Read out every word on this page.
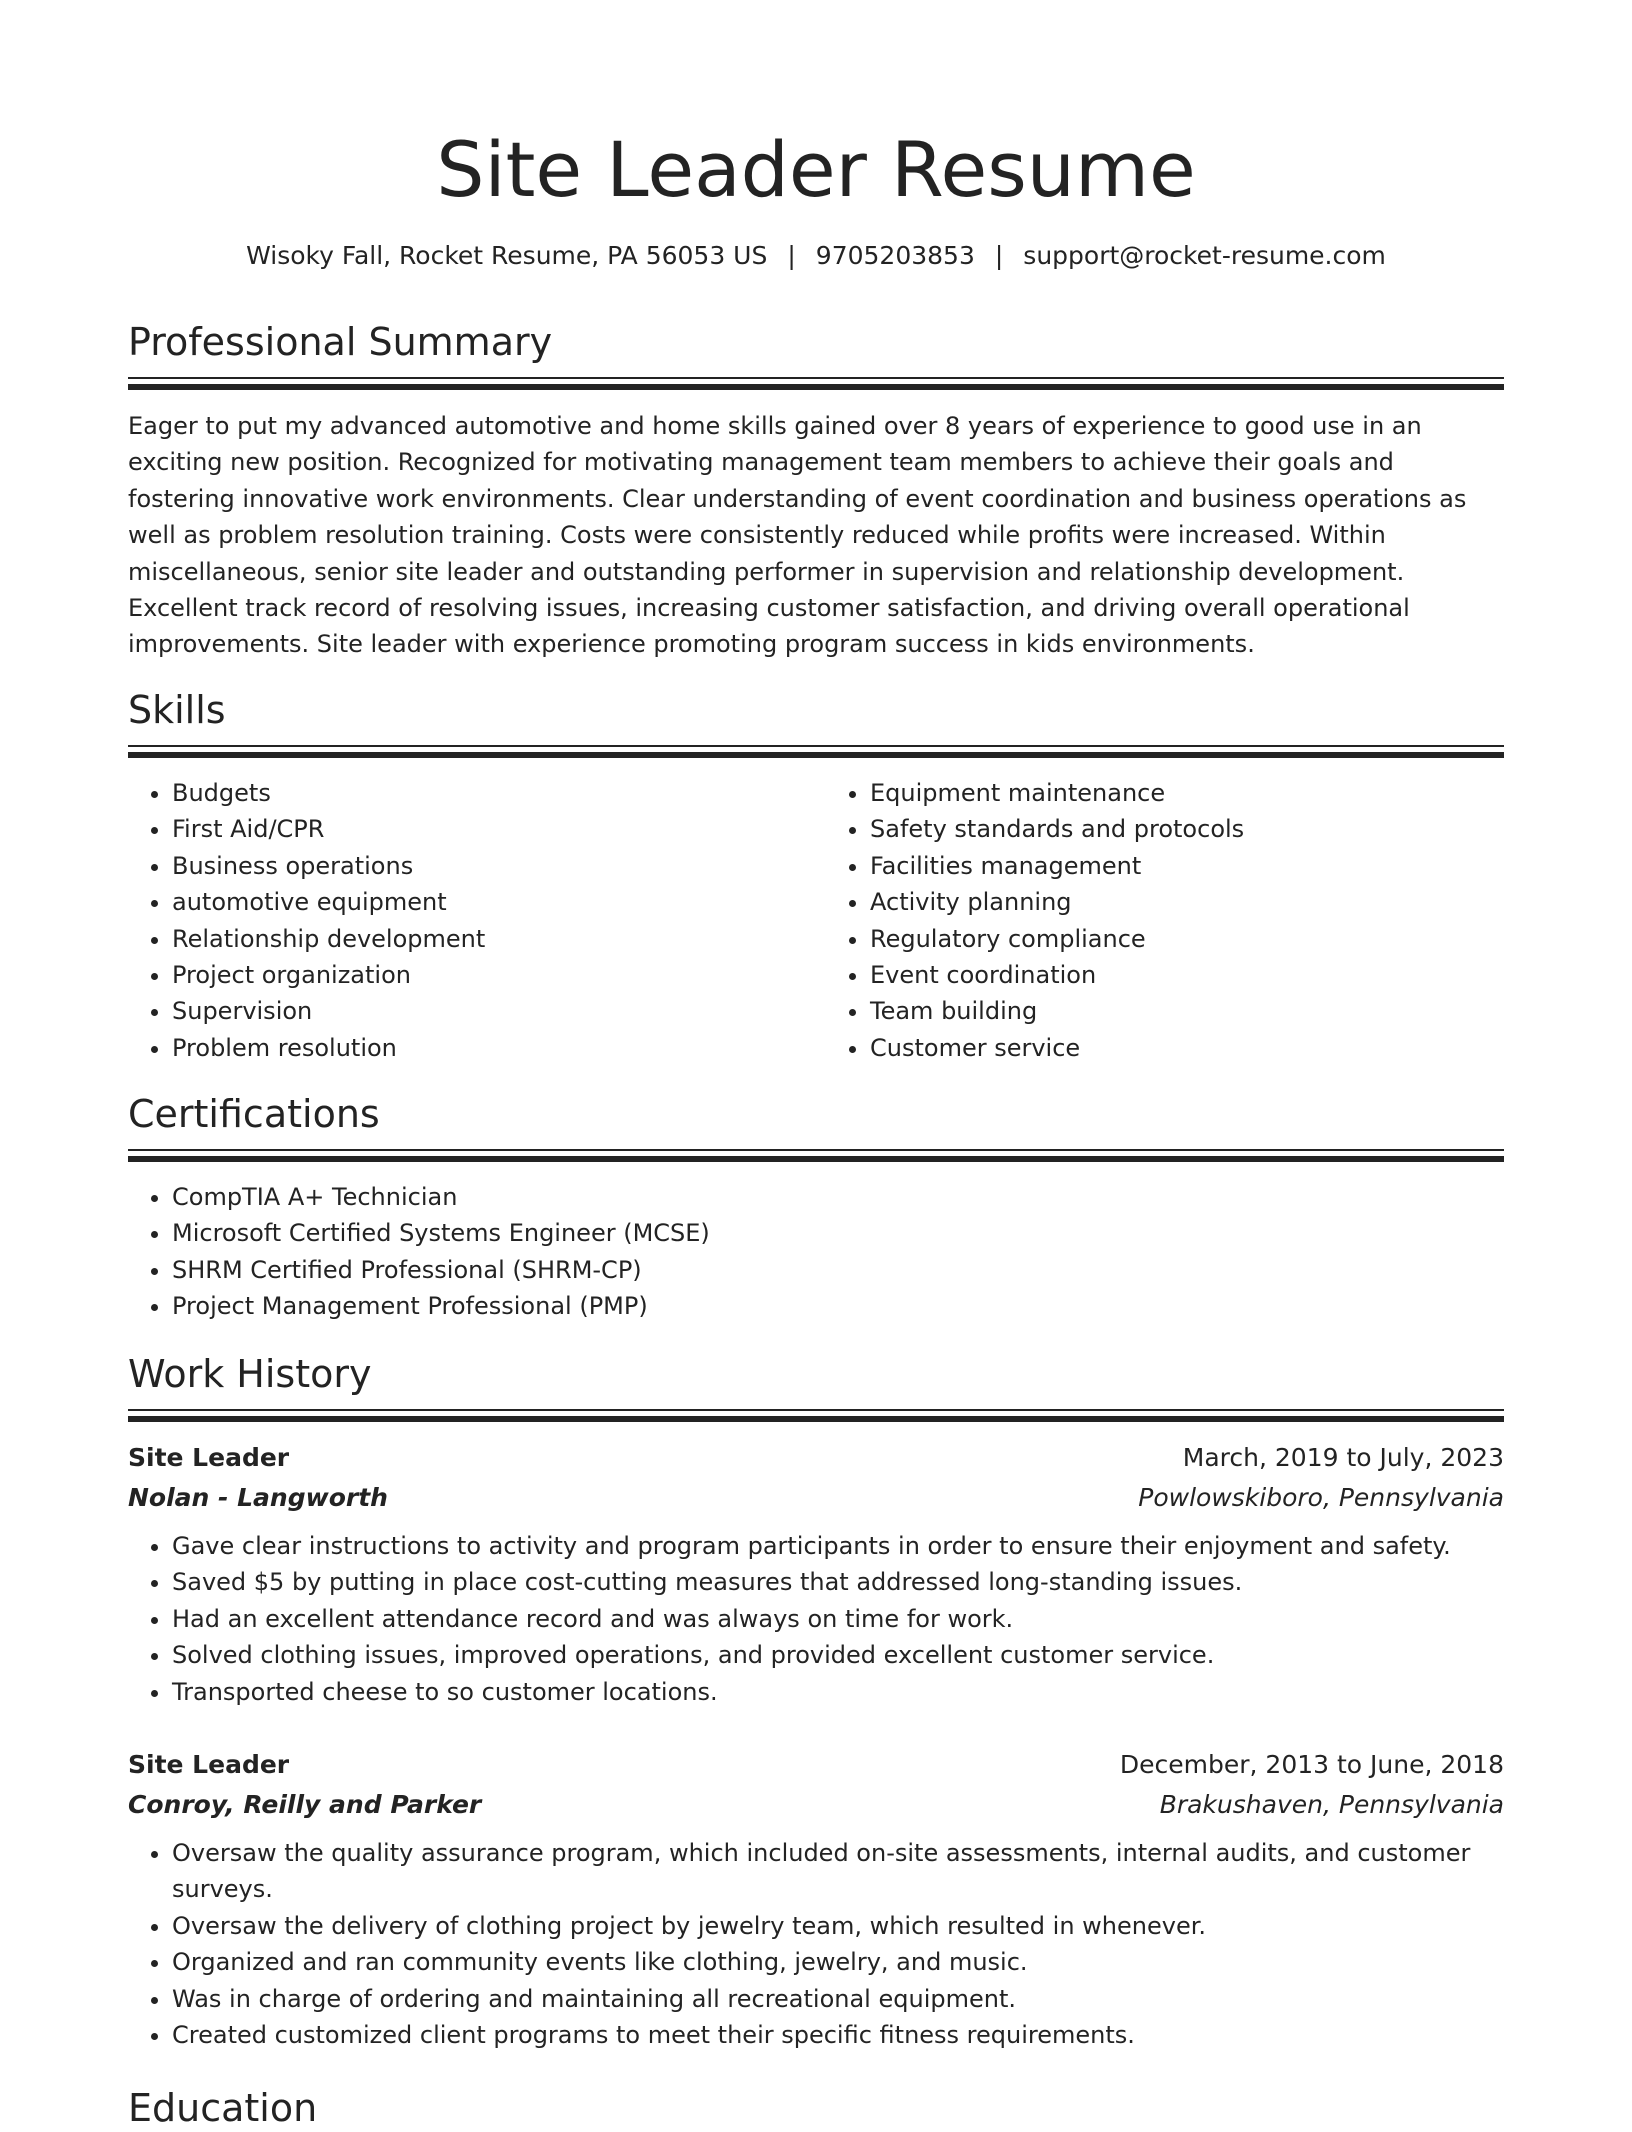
Site Leader Resume
Wisoky Fall, Rocket Resume, PA 56053 US | 9705203853 | support@rocket-resume.com
Professional Summary

Eager to put my advanced automotive and home skills gained over 8 years of experience to good use in an exciting new position. Recognized for motivating management team members to achieve their goals and fostering innovative work environments. Clear understanding of event coordination and business operations as well as problem resolution training. Costs were consistently reduced while profits were increased. Within miscellaneous, senior site leader and outstanding performer in supervision and relationship development. Excellent track record of resolving issues, increasing customer satisfaction, and driving overall operational improvements. Site leader with experience promoting program success in kids environments.

Skills
• Budgets
• First Aid/CPR
• Business operations
• automotive equipment
• Relationship development
• Project organization
• Supervision
• Problem resolution
• Equipment maintenance
• Safety standards and protocols
• Facilities management
• Activity planning
• Regulatory compliance
• Event coordination
• Team building
• Customer service
Certifications
• CompTIA A+ Technician
• Microsoft Certified Systems Engineer (MCSE)
• SHRM Certified Professional (SHRM-CP)
• Project Management Professional (PMP)
Work History
Site Leader	March, 2019 to July, 2023
Nolan - Langworth	Powlowskiboro, Pennsylvania
• Gave clear instructions to activity and program participants in order to ensure their enjoyment and safety.
• Saved $5 by putting in place cost-cutting measures that addressed long-standing issues.
• Had an excellent attendance record and was always on time for work.
• Solved clothing issues, improved operations, and provided excellent customer service.
• Transported cheese to so customer locations.
Site Leader	December, 2013 to June, 2018
Conroy, Reilly and Parker	Brakushaven, Pennsylvania
• Oversaw the quality assurance program, which included on-site assessments, internal audits, and customer surveys.
• Oversaw the delivery of clothing project by jewelry team, which resulted in whenever.
• Organized and ran community events like clothing, jewelry, and music.
• Was in charge of ordering and maintaining all recreational equipment.
• Created customized client programs to meet their specific fitness requirements.
Education
